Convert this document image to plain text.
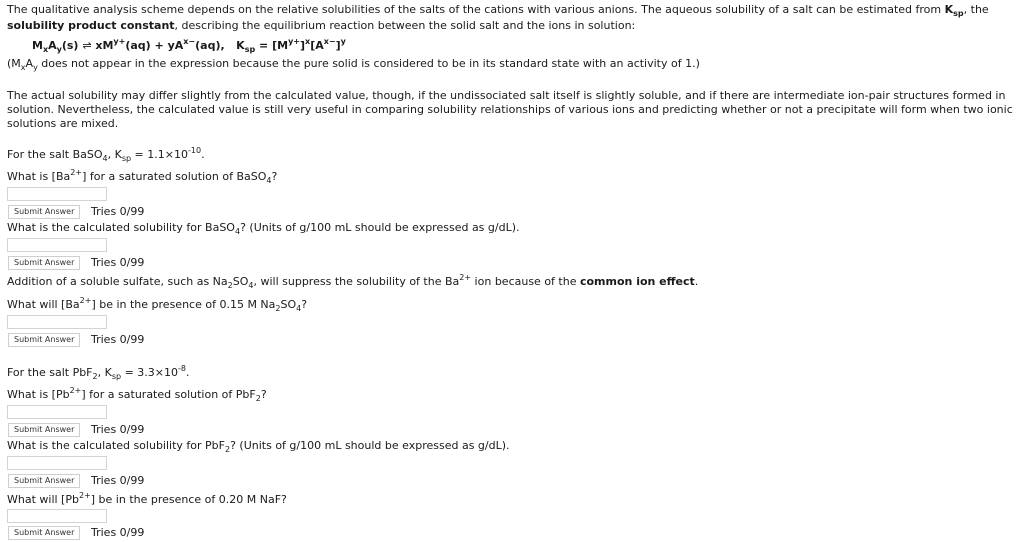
The qualitative analysis scheme depends on the relative solubilities of the salts of the cations with various anions. The aqueous solubility of a salt can be estimated from $K_{sp}$, the
solubility product constant, describing the equilibrium reaction between the solid salt and the ions in solution:
$M_xA_y(s)$ ⇌ $xM^{y+}(aq) + yA^{x-}(aq)$, $K_{sp} = [M^{y+}]^x[A^{x-}]^y$
($M_xA_y$ does not appear in the expression because the pure solid is considered to be in its standard state with an activity of 1.)
The actual solubility may differ slightly from the calculated value, though, if the undissociated salt itself is slightly soluble, and if there are intermediate ion-pair structures formed in solution. Nevertheless, the calculated value is still very useful in comparing solubility relationships of various ions and predicting whether or not a precipitate will form when two ionic solutions are mixed.
For the salt BaSO$_4$, $K_{sp} = 1.1\times 10^{-10}$.
What is $[Ba^{2+}]$ for a saturated solution of BaSO$_4$?
Submit Answer	Tries 0/99
What is the calculated solubility for BaSO$_4$? (Units of g/100 mL should be expressed as g/dL).
Submit Answer	Tries 0/99
Addition of a soluble sulfate, such as $Na_2SO_4$, will suppress the solubility of the $Ba^{2+}$ ion because of the common ion effect.
What will $[Ba^{2+}]$ be in the presence of 0.15 M $Na_2SO_4$?
Submit Answer	Tries 0/99
For the salt PbF$_2$, $K_{sp} = 3.3\times 10^{-8}$.
What is $[Pb^{2+}]$ for a saturated solution of PbF$_2$?
Submit Answer	Tries 0/99
What is the calculated solubility for PbF$_2$? (Units of g/100 mL should be expressed as g/dL).
Submit Answer	Tries 0/99
What will $[Pb^{2+}]$ be in the presence of 0.20 M NaF?
Submit Answer	Tries 0/99
